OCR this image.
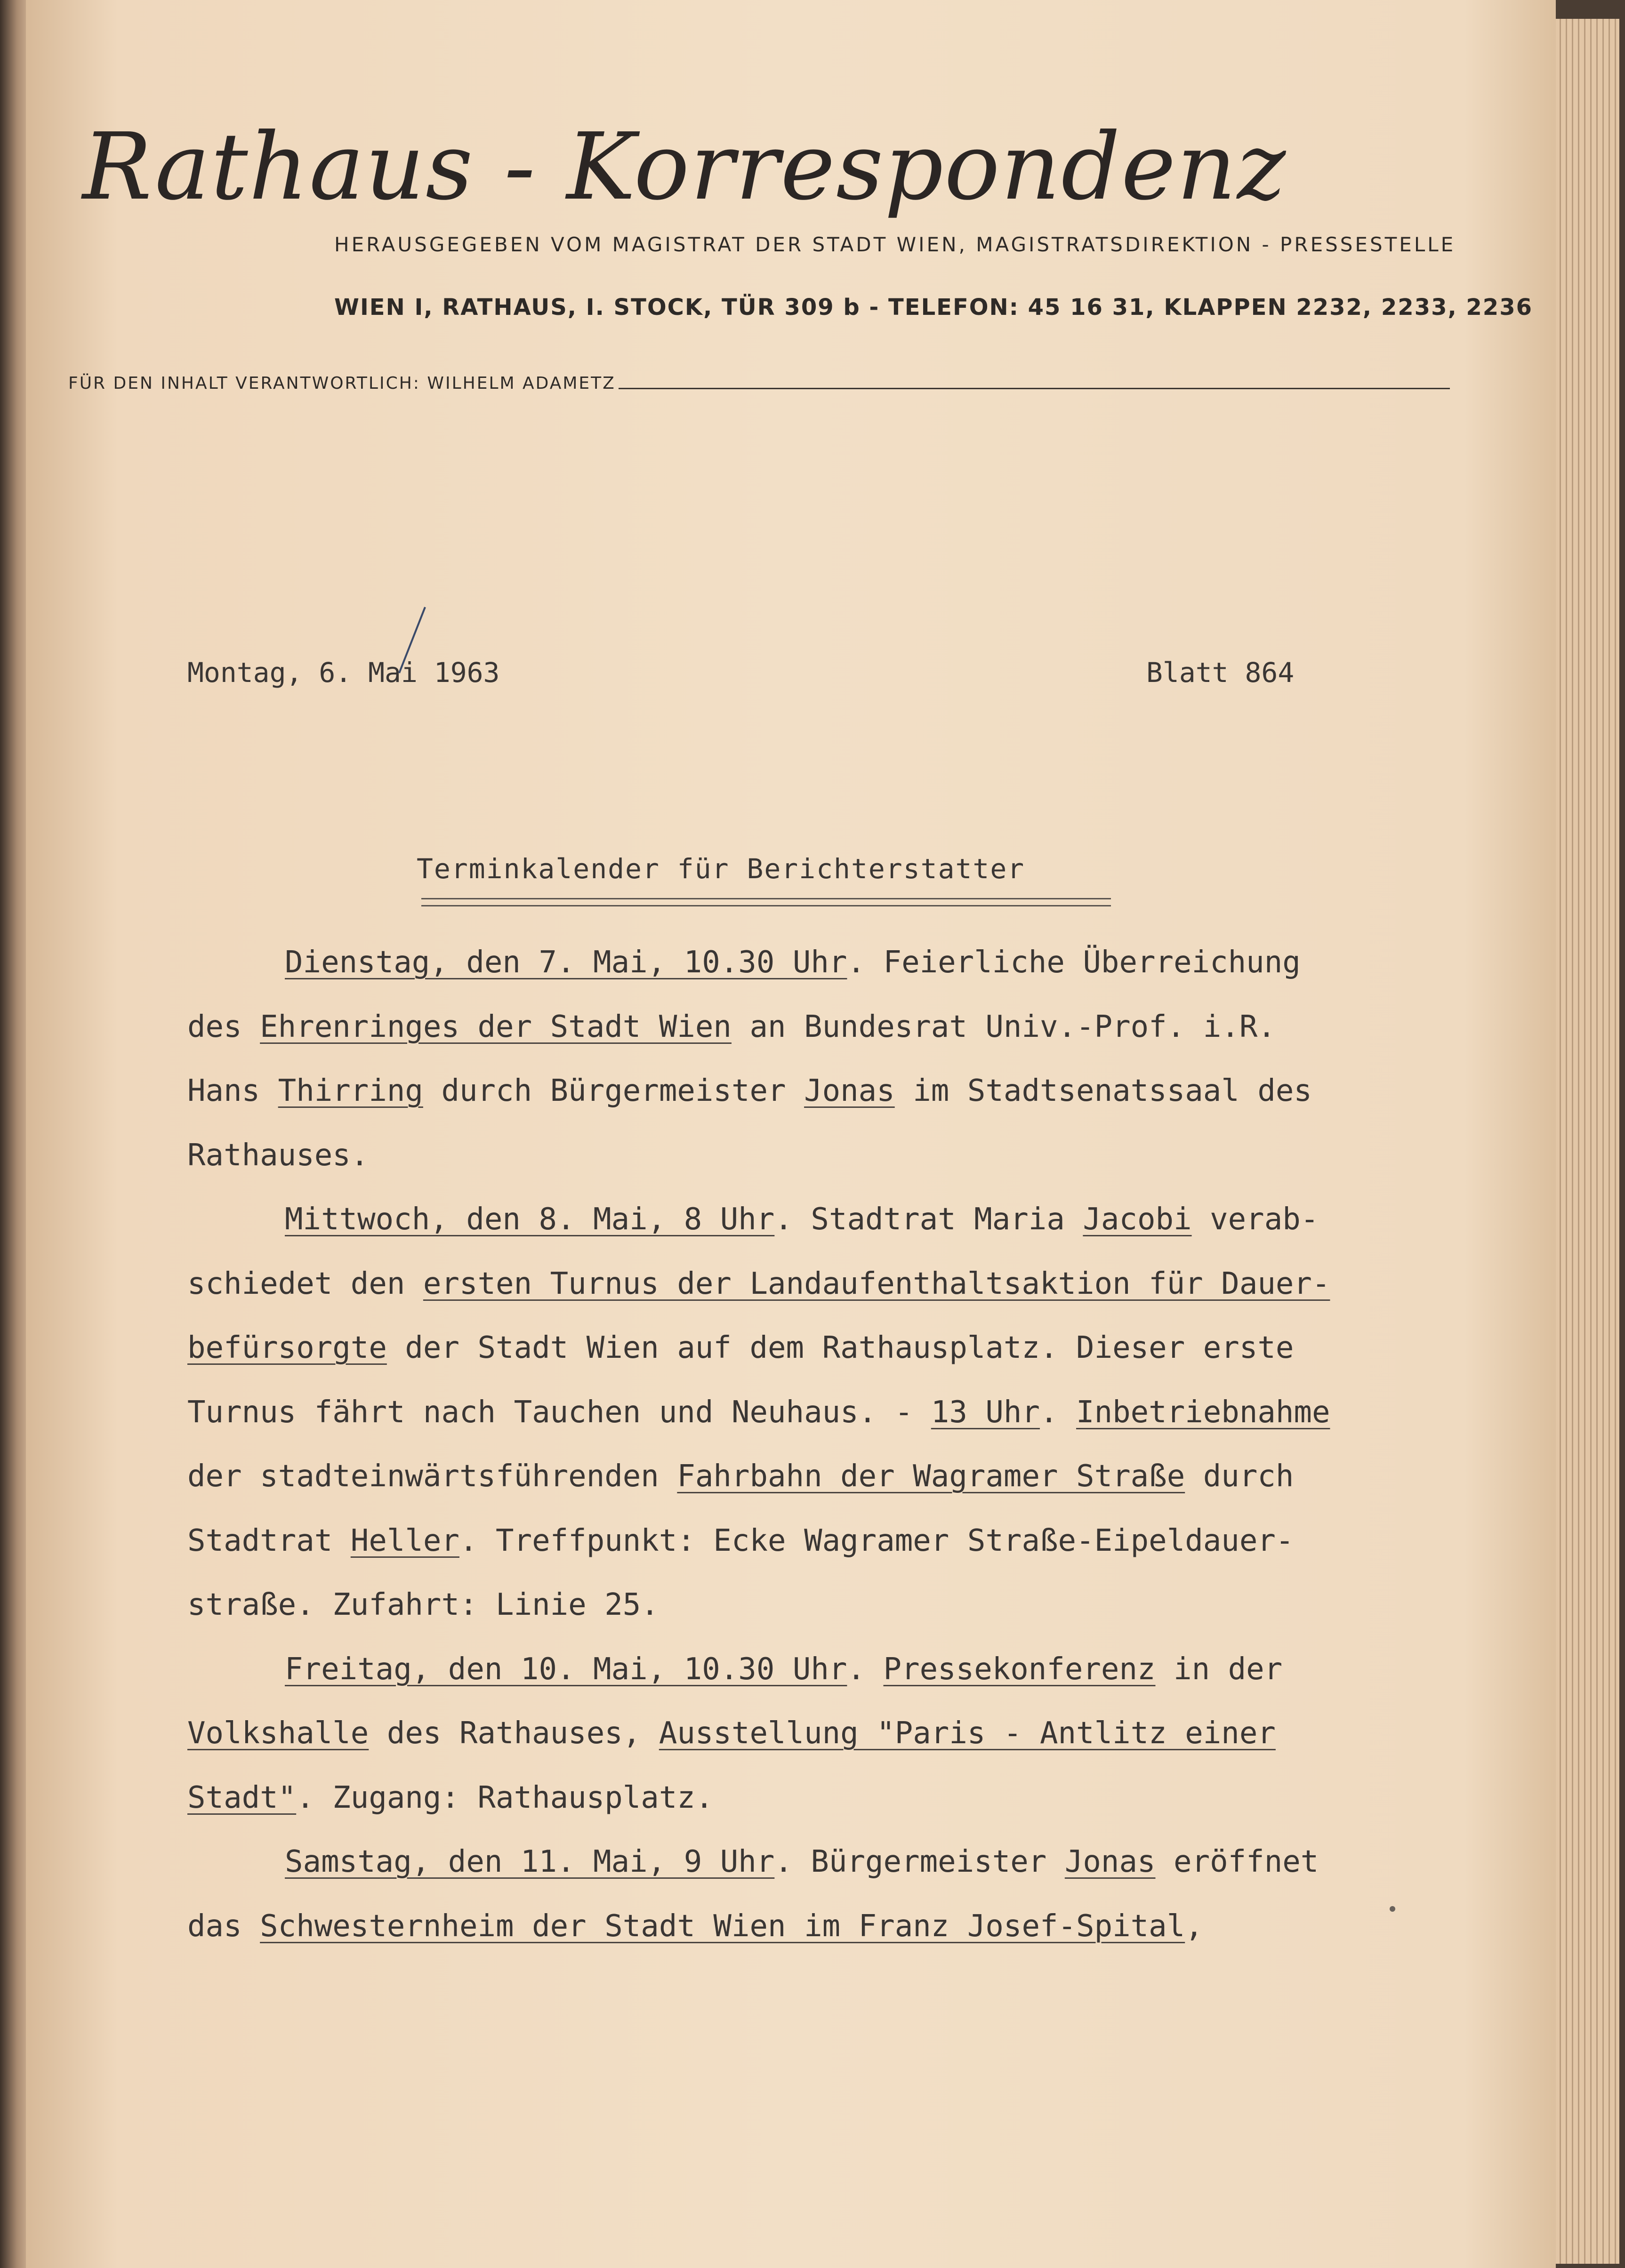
Rathaus - Korrespondenz
HERAUSGEGEBEN VOM MAGISTRAT DER STADT WIEN, MAGISTRATSDIREKTION - PRESSESTELLE
WIEN I, RATHAUS, I. STOCK, TÜR 309 b - TELEFON: 45 16 31, KLAPPEN 2232, 2233, 2236
FÜR DEN INHALT VERANTWORTLICH: WILHELM ADAMETZ
Montag, 6. Mai 1963	Blatt 864
Terminkalender für Berichterstatter
Dienstag, den 7. Mai, 10.30 Uhr. Feierliche Überreichung
des Ehrenringes der Stadt Wien an Bundesrat Univ.-Prof. i.R.
Hans Thirring durch Bürgermeister Jonas im Stadtsenatssaal des
Rathauses.
Mittwoch, den 8. Mai, 8 Uhr. Stadtrat Maria Jacobi verab-
schiedet den ersten Turnus der Landaufenthaltsaktion für Dauer-
befürsorgte der Stadt Wien auf dem Rathausplatz. Dieser erste
Turnus fährt nach Tauchen und Neuhaus. - 13 Uhr. Inbetriebnahme
der stadteinwärtsführenden Fahrbahn der Wagramer Straße durch
Stadtrat Heller. Treffpunkt: Ecke Wagramer Straße-Eipeldauer-
straße. Zufahrt: Linie 25.
Freitag, den 10. Mai, 10.30 Uhr. Pressekonferenz in der
Volkshalle des Rathauses, Ausstellung "Paris - Antlitz einer
Stadt". Zugang: Rathausplatz.
Samstag, den 11. Mai, 9 Uhr. Bürgermeister Jonas eröffnet
das Schwesternheim der Stadt Wien im Franz Josef-Spital,
